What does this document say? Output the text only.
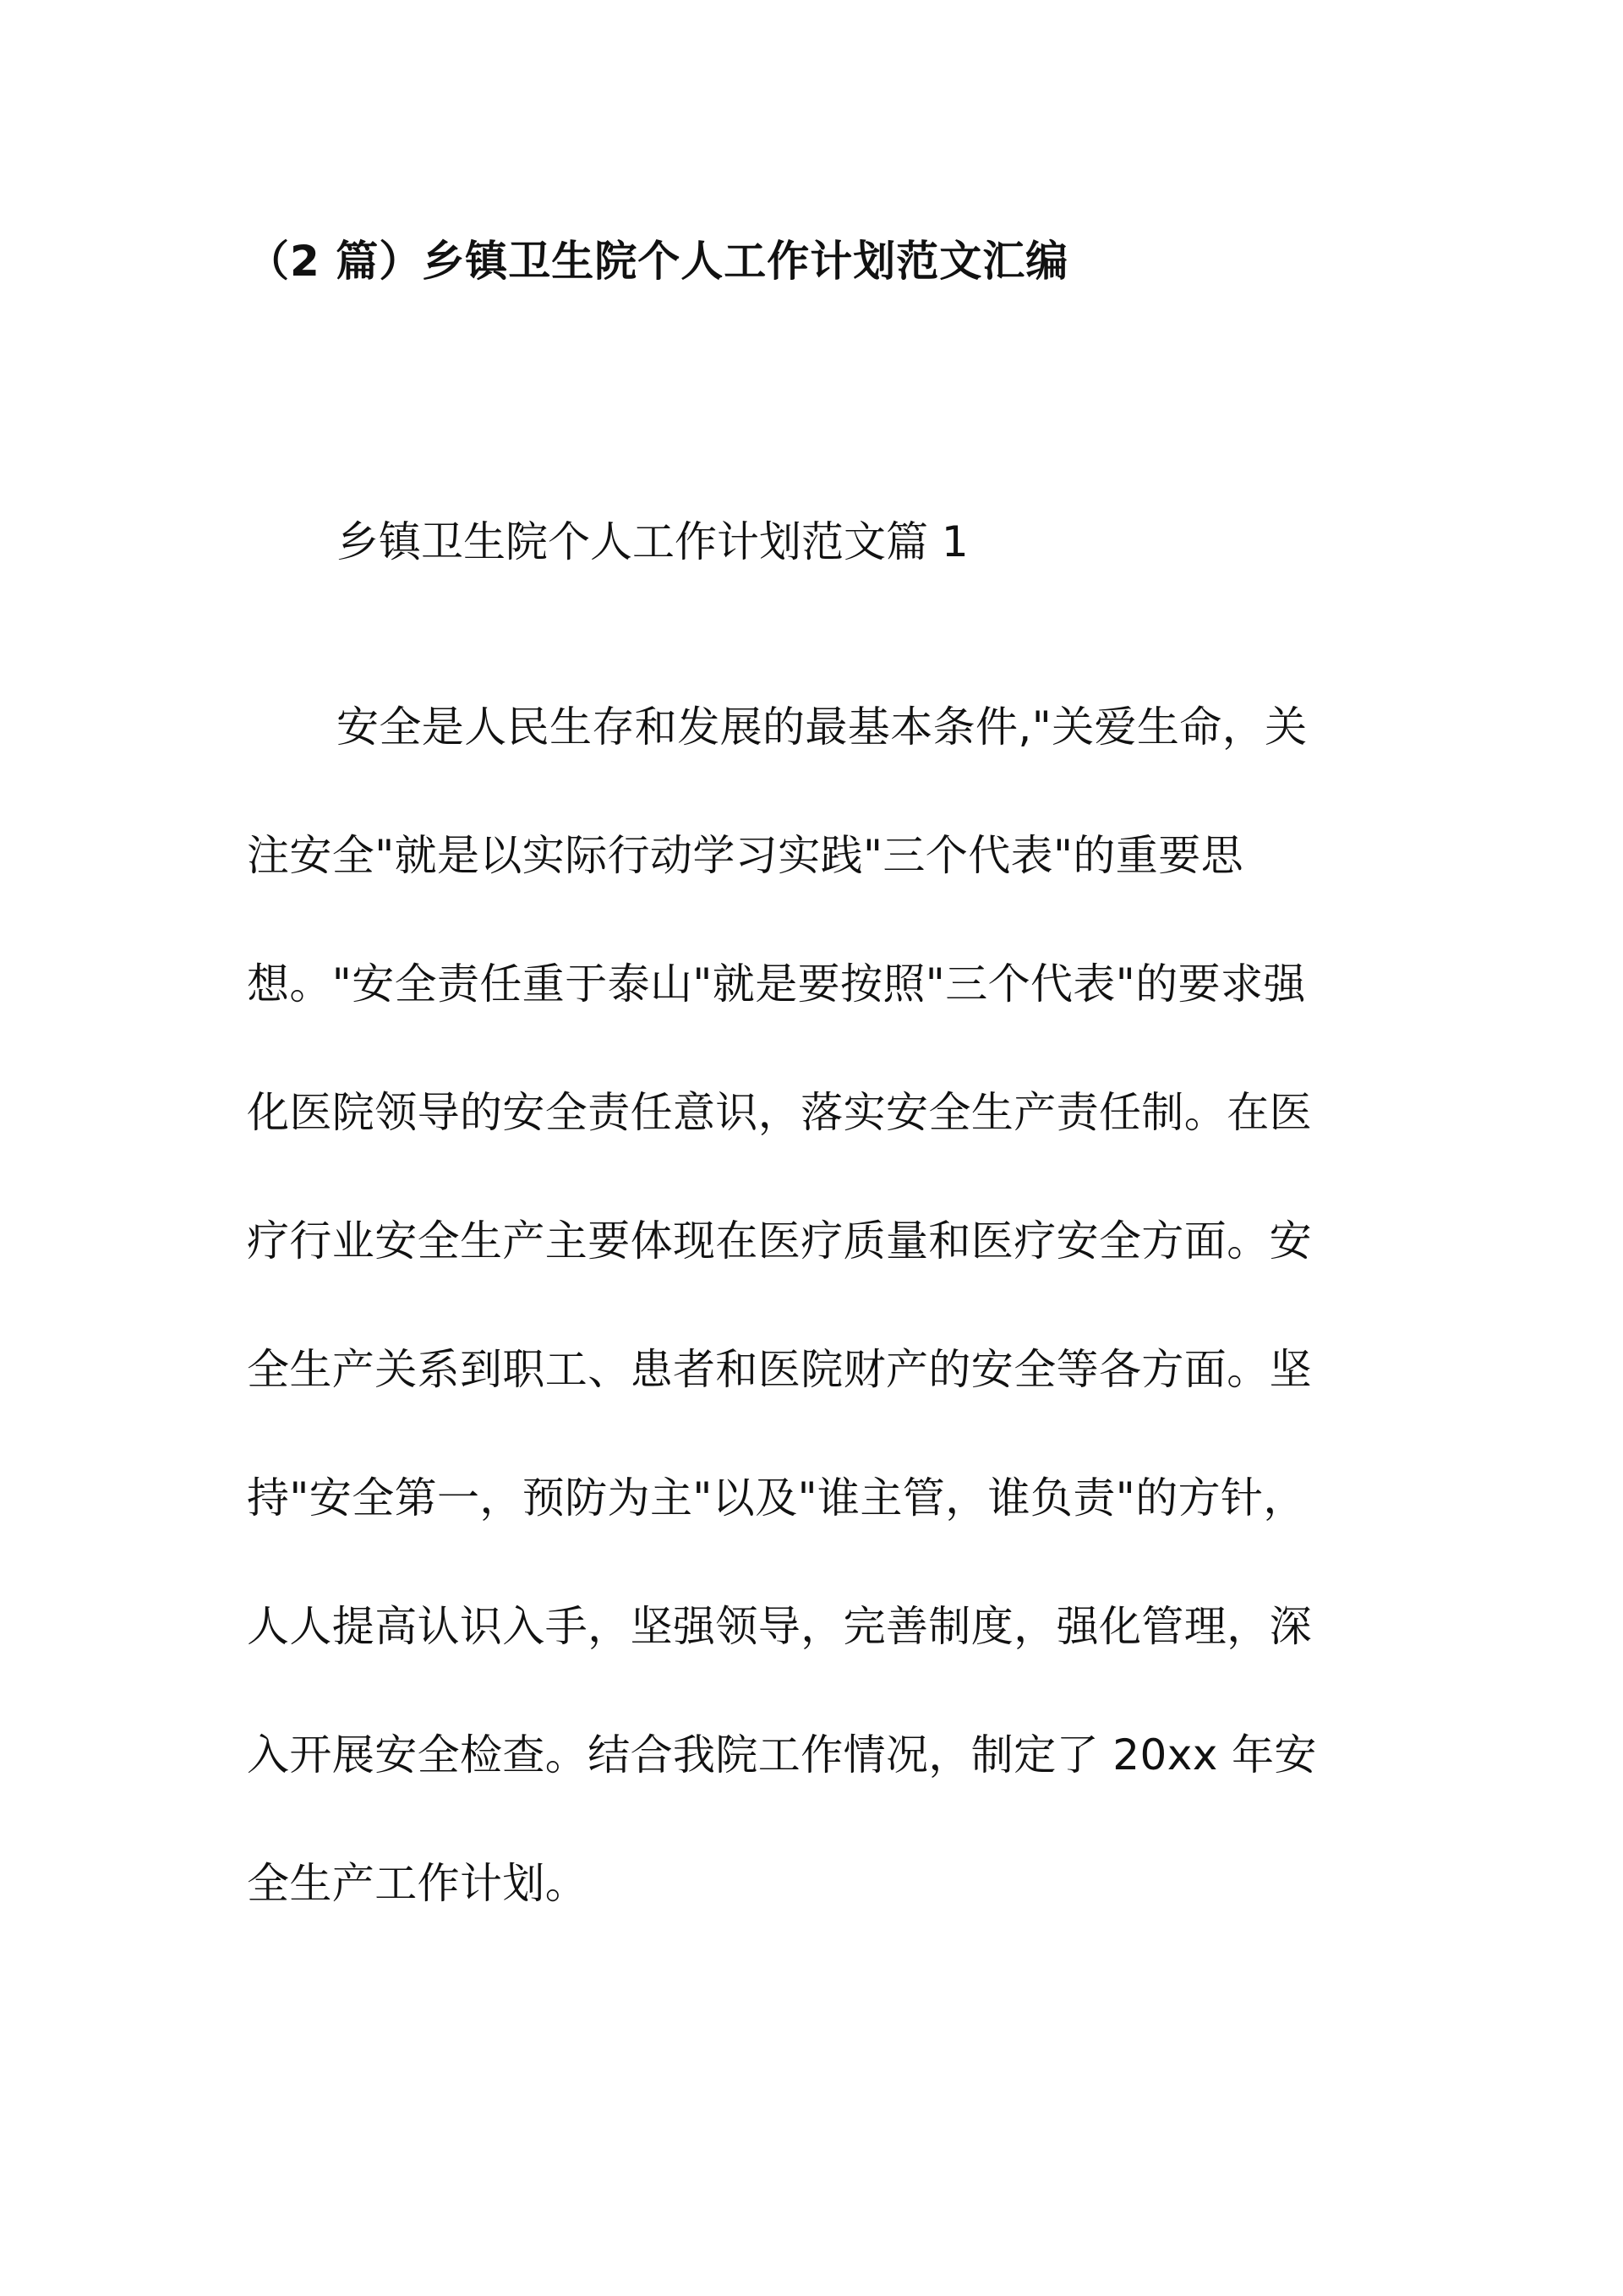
（2 篇）乡镇卫生院个人工作计划范文汇编
乡镇卫生院个人工作计划范文篇 1
安全是人民生存和发展的最基本条件,"关爱生命，关
注安全"就是以实际行动学习实践"三个代表"的重要思
想。"安全责任重于泰山"就是要按照"三个代表"的要求强
化医院领导的安全责任意识，落实安全生产责任制。在医
疗行业安全生产主要体现在医疗质量和医疗安全方面。安
全生产关系到职工、患者和医院财产的安全等各方面。坚
持"安全第一，预防为主"以及"谁主管，谁负责"的方针，
人人提高认识入手，坚强领导，完善制度，强化管理，深
入开展安全检查。结合我院工作情况，制定了 20xx 年安
全生产工作计划。
